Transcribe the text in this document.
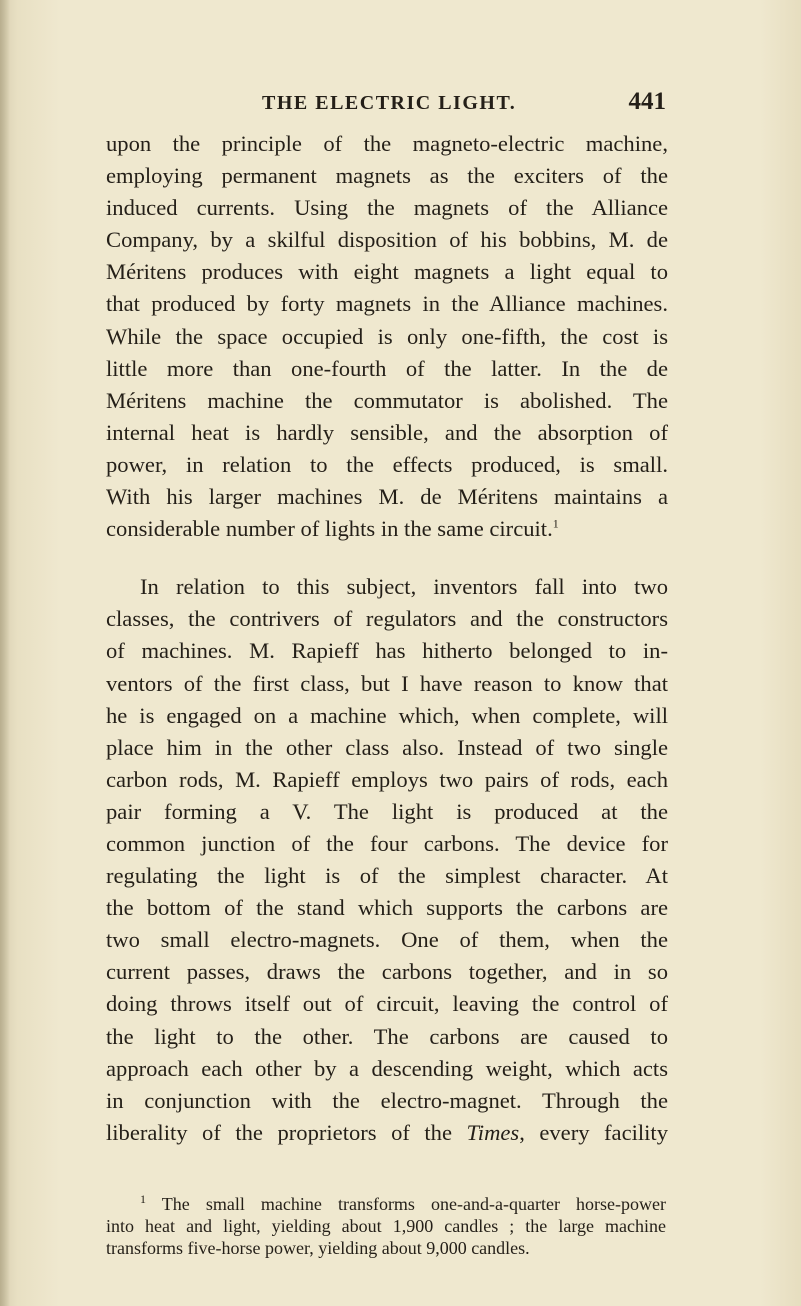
THE ELECTRIC LIGHT.	441
upon the principle of the magneto-electric machine,
employing permanent magnets as the exciters of the
induced currents. Using the magnets of the Alliance
Company, by a skilful disposition of his bobbins, M. de
Méritens produces with eight magnets a light equal to
that produced by forty magnets in the Alliance machines.
While the space occupied is only one-fifth, the cost is
little more than one-fourth of the latter. In the de
Méritens machine the commutator is abolished. The
internal heat is hardly sensible, and the absorption of
power, in relation to the effects produced, is small.
With his larger machines M. de Méritens maintains a
considerable number of lights in the same circuit.$^1$
In relation to this subject, inventors fall into two
classes, the contrivers of regulators and the constructors
of machines. M. Rapieff has hitherto belonged to in-
ventors of the first class, but I have reason to know that
he is engaged on a machine which, when complete, will
place him in the other class also. Instead of two single
carbon rods, M. Rapieff employs two pairs of rods, each
pair forming a V. The light is produced at the
common junction of the four carbons. The device for
regulating the light is of the simplest character. At
the bottom of the stand which supports the carbons are
two small electro-magnets. One of them, when the
current passes, draws the carbons together, and in so
doing throws itself out of circuit, leaving the control of
the light to the other. The carbons are caused to
approach each other by a descending weight, which acts
in conjunction with the electro-magnet. Through the
liberality of the proprietors of the Times, every facility
$^1$ The small machine transforms one-and-a-quarter horse-power
into heat and light, yielding about 1,900 candles ; the large machine
transforms five-horse power, yielding about 9,000 candles.
